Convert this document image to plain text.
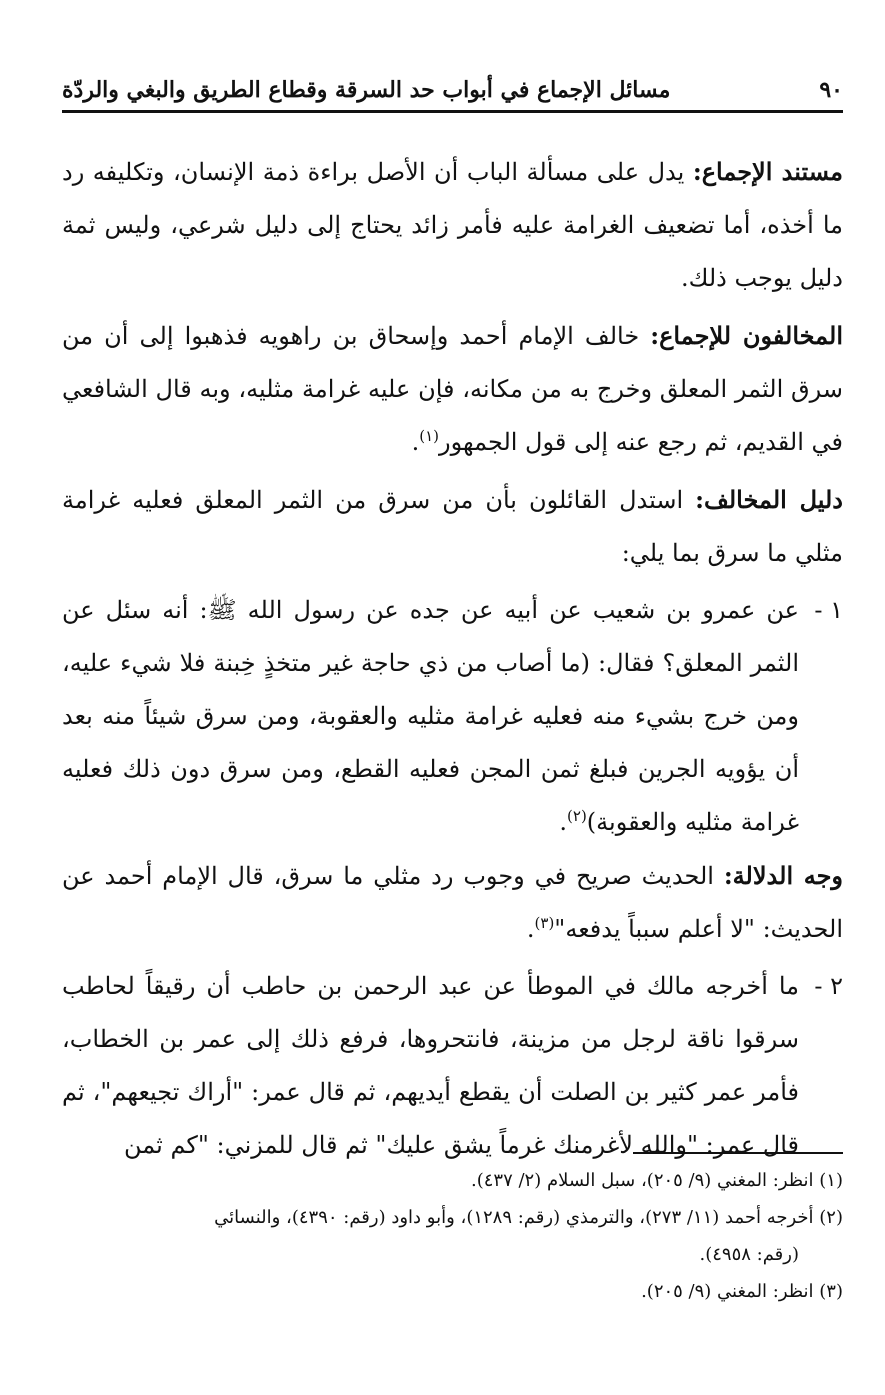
٩٠
مسائل الإجماع في أبواب حد السرقة وقطاع الطريق والبغي والردّة

مستند الإجماع: يدل على مسألة الباب أن الأصل براءة ذمة الإنسان، وتكليفه رد ما أخذه، أما تضعيف الغرامة عليه فأمر زائد يحتاج إلى دليل شرعي، وليس ثمة دليل يوجب ذلك.

المخالفون للإجماع: خالف الإمام أحمد وإسحاق بن راهويه فذهبوا إلى أن من سرق الثمر المعلق وخرج به من مكانه، فإن عليه غرامة مثليه، وبه قال الشافعي في القديم، ثم رجع عنه إلى قول الجمهور$^{(١)}$.

دليل المخالف: استدل القائلون بأن من سرق من الثمر المعلق فعليه غرامة مثلي ما سرق بما يلي:

١ -
عن عمرو بن شعيب عن أبيه عن جده عن رسول الله ﷺ: أنه سئل عن الثمر المعلق؟ فقال: (ما أصاب من ذي حاجة غير متخذٍ خِبنة فلا شيء عليه، ومن خرج بشيء منه فعليه غرامة مثليه والعقوبة، ومن سرق شيئاً منه بعد أن يؤويه الجرين فبلغ ثمن المجن فعليه القطع، ومن سرق دون ذلك فعليه غرامة مثليه والعقوبة)$^{(٢)}$.

وجه الدلالة: الحديث صريح في وجوب رد مثلي ما سرق، قال الإمام أحمد عن الحديث: "لا أعلم سبباً يدفعه"$^{(٣)}$.

٢ -
ما أخرجه مالك في الموطأ عن عبد الرحمن بن حاطب أن رقيقاً لحاطب سرقوا ناقة لرجل من مزينة، فانتحروها، فرفع ذلك إلى عمر بن الخطاب، فأمر عمر كثير بن الصلت أن يقطع أيديهم، ثم قال عمر: "أراك تجيعهم"، ثم قال عمر: "والله لأغرمنك غرماً يشق عليك" ثم قال للمزني: "كم ثمن

(١) انظر: المغني (٩/ ٢٠٥)، سبل السلام (٢/ ٤٣٧).

(٢) أخرجه أحمد (١١/ ٢٧٣)، والترمذي (رقم: ١٢٨٩)، وأبو داود (رقم: ٤٣٩٠)، والنسائي

(رقم: ٤٩٥٨).

(٣) انظر: المغني (٩/ ٢٠٥).
